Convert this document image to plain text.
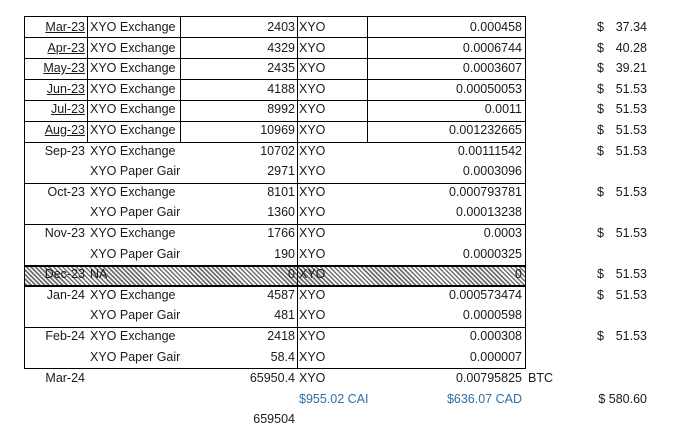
Mar-23 XYO Exchange	2403 XYO	0.000458	$ 37.34
Apr-23 XYO Exchange	4329 XYO	0.0006744	$ 40.28
May-23 XYO Exchange	2435 XYO	0.0003607	$ 39.21
Jun-23 XYO Exchange	4188 XYO	0.00050053	$ 51.53
Jul-23 XYO Exchange	8992 XYO	0.0011	$ 51.53
Aug-23 XYO Exchange	10969 XYO	0.001232665	$ 51.53
Sep-23 XYO Exchange	10702 XYO	0.00111542	$ 51.53
XYO Paper Gair	2971 XYO	0.0003096
Oct-23 XYO Exchange	8101 XYO	0.000793781	$ 51.53
XYO Paper Gair	1360 XYO	0.00013238
Nov-23 XYO Exchange	1766 XYO	0.0003	$ 51.53
XYO Paper Gair	190 XYO	0.0000325
Dec-23 NA	0 XYO	0	$ 51.53
Jan-24 XYO Exchange	4587 XYO	0.000573474	$ 51.53
XYO Paper Gair	481 XYO	0.0000598
Feb-24 XYO Exchange	2418 XYO	0.000308	$ 51.53
XYO Paper Gair	58.4 XYO	0.000007
Mar-24	65950.4 XYO	0.00795825 BTC
$955.02 CAI	$636.07 CAD	$ 580.60
659504
